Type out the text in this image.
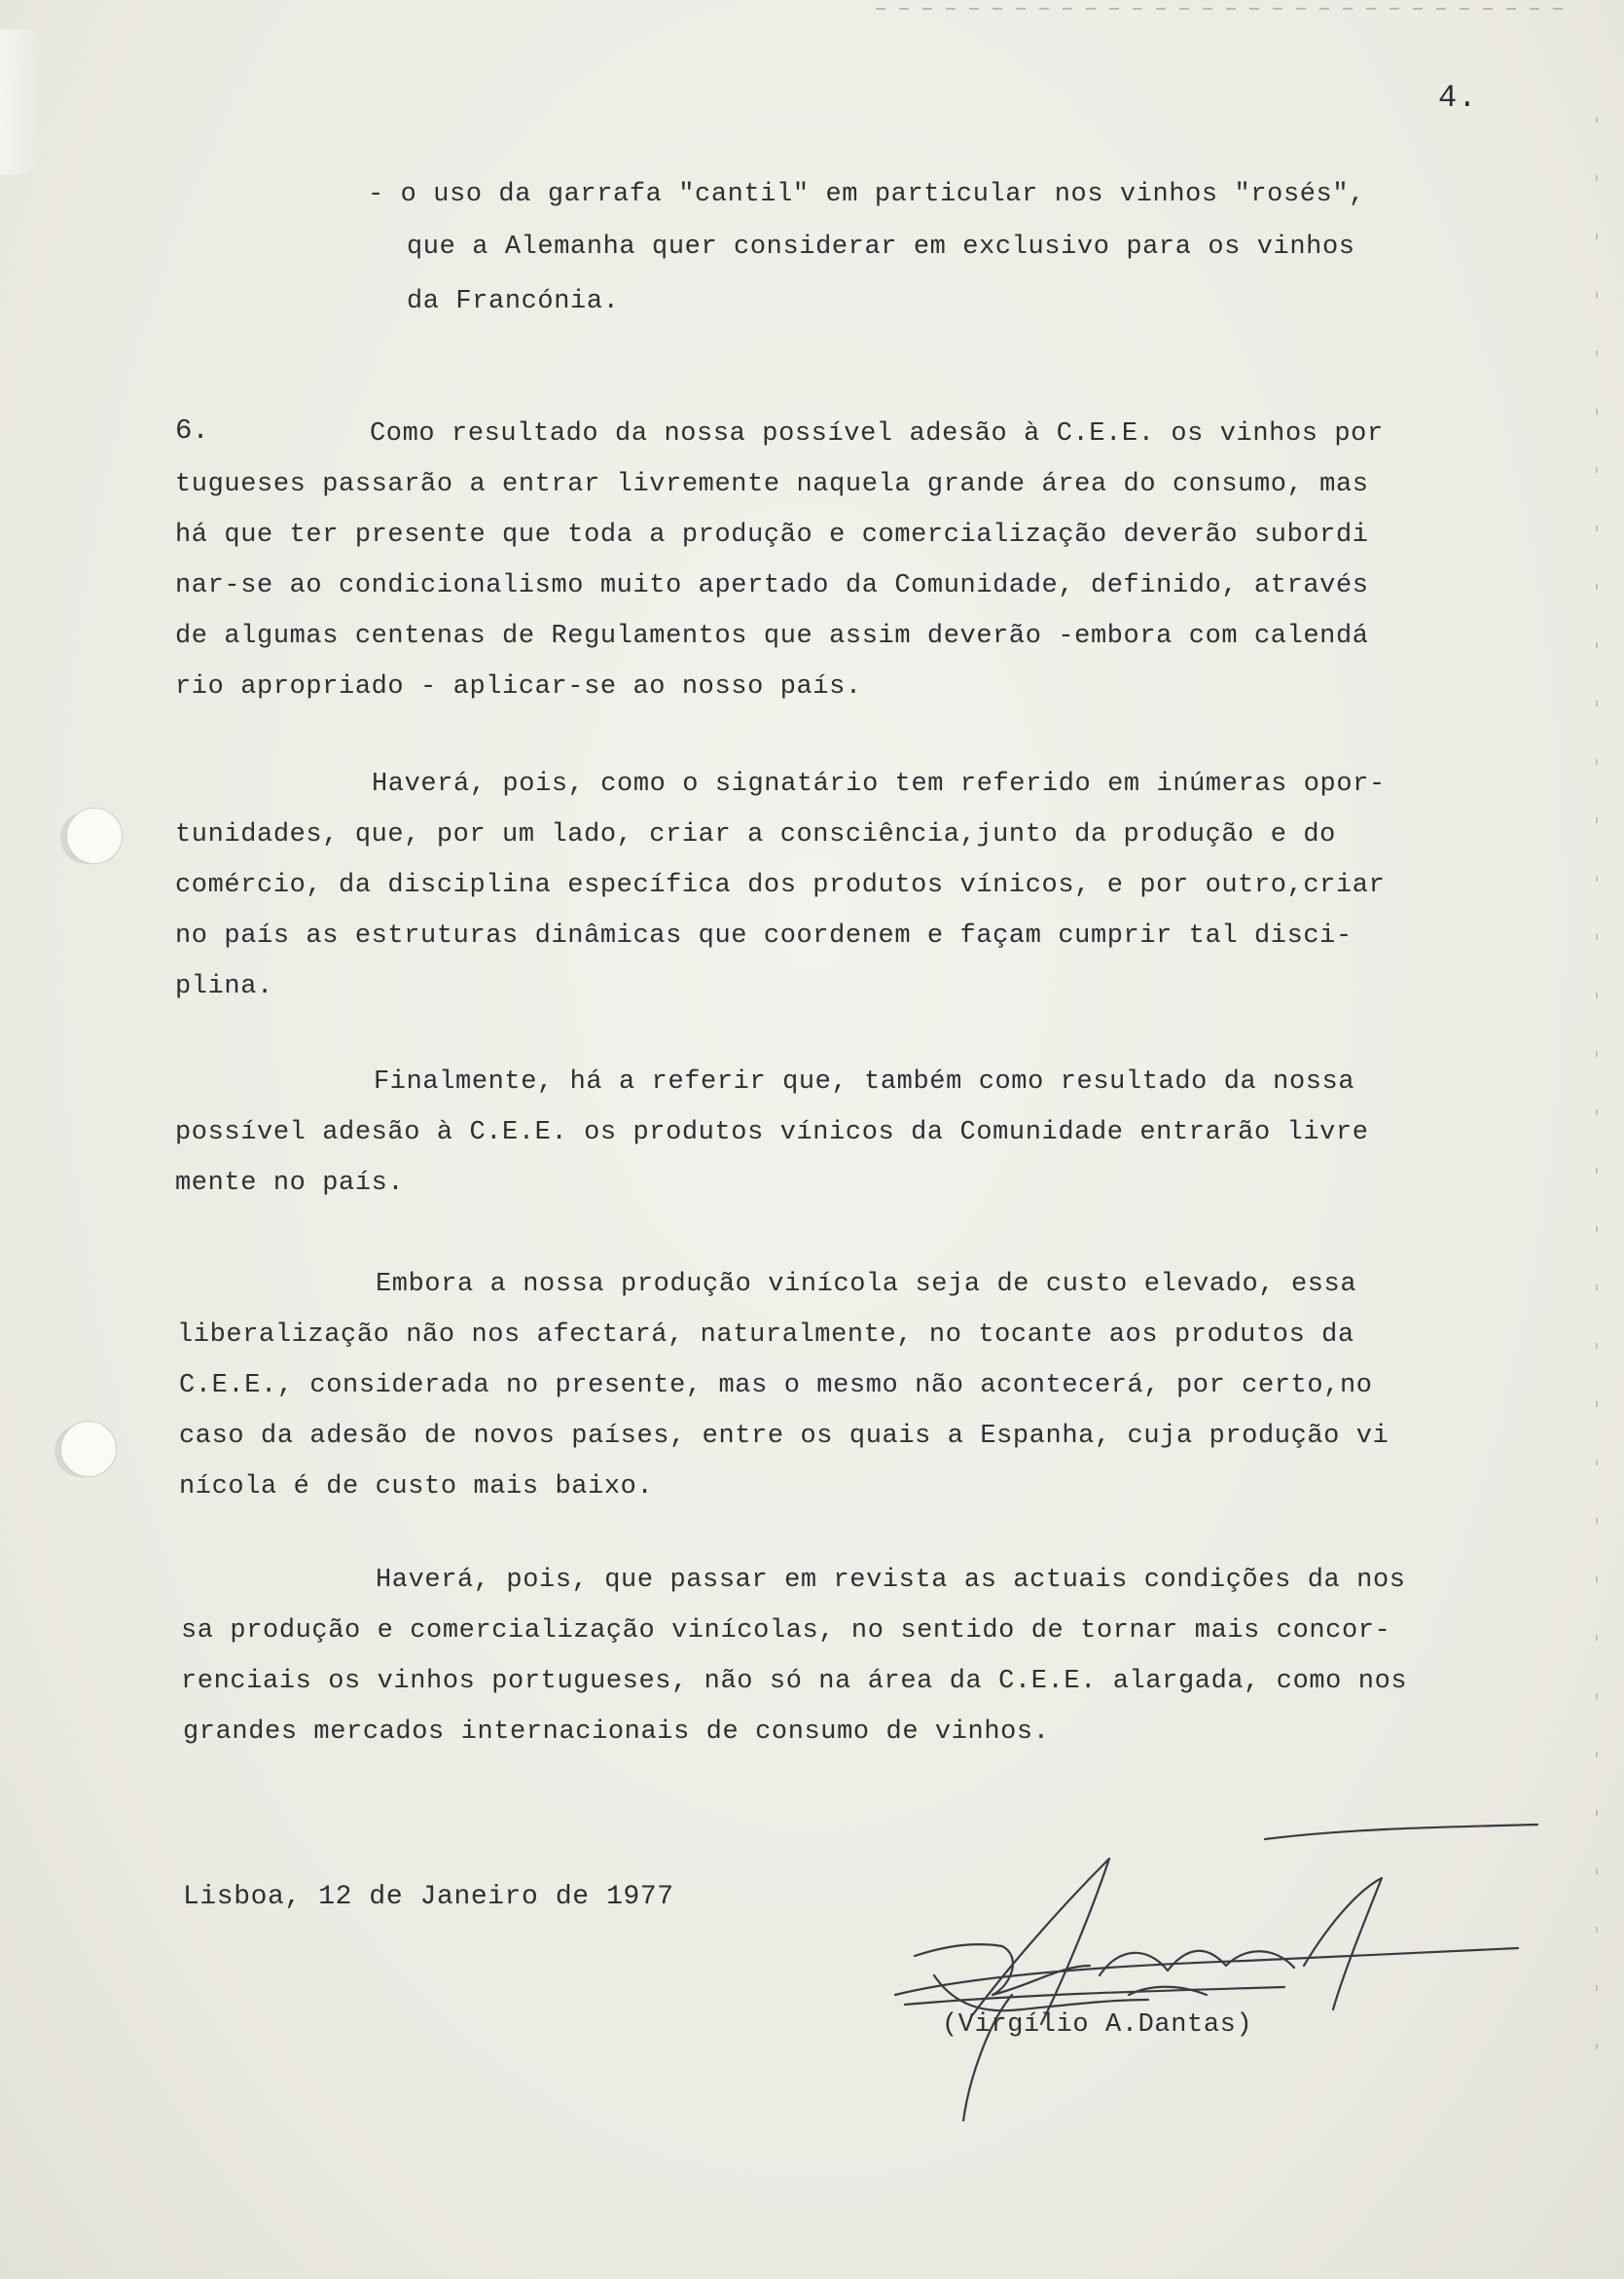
4.
- o uso da garrafa "cantil" em particular nos vinhos "rosés",
que a Alemanha quer considerar em exclusivo para os vinhos
da Francónia.
6.	Como resultado da nossa possível adesão à C.E.E. os vinhos por
tugueses passarão a entrar livremente naquela grande área do consumo, mas
há que ter presente que toda a produção e comercialização deverão subordi
nar-se ao condicionalismo muito apertado da Comunidade, definido, através
de algumas centenas de Regulamentos que assim deverão -embora com calendá
rio apropriado - aplicar-se ao nosso país.
Haverá, pois, como o signatário tem referido em inúmeras opor-
tunidades, que, por um lado, criar a consciência,junto da produção e do
comércio, da disciplina específica dos produtos vínicos, e por outro,criar
no país as estruturas dinâmicas que coordenem e façam cumprir tal disci-
plina.
Finalmente, há a referir que, também como resultado da nossa
possível adesão à C.E.E. os produtos vínicos da Comunidade entrarão livre
mente no país.
Embora a nossa produção vinícola seja de custo elevado, essa
liberalização não nos afectará, naturalmente, no tocante aos produtos da
C.E.E., considerada no presente, mas o mesmo não acontecerá, por certo,no
caso da adesão de novos países, entre os quais a Espanha, cuja produção vi
nícola é de custo mais baixo.
Haverá, pois, que passar em revista as actuais condições da nos
sa produção e comercialização vinícolas, no sentido de tornar mais concor-
renciais os vinhos portugueses, não só na área da C.E.E. alargada, como nos
grandes mercados internacionais de consumo de vinhos.
Lisboa, 12 de Janeiro de 1977
(Virgílio A.Dantas)
